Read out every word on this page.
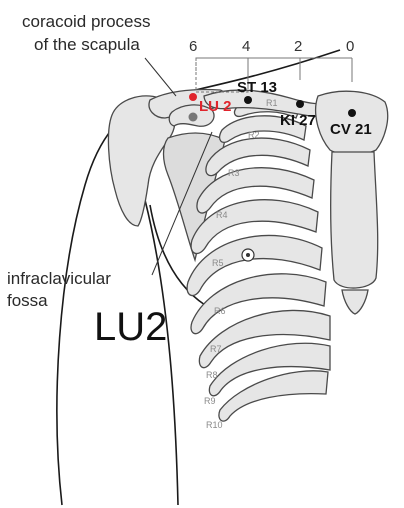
R1
R2
R3
R4
R5
R6
R7
R8
R9
R10
6	4	2	0
LU 2
ST 13
KI 27
CV 21
coracoid process
of the scapula
infraclavicular
fossa
LU2
